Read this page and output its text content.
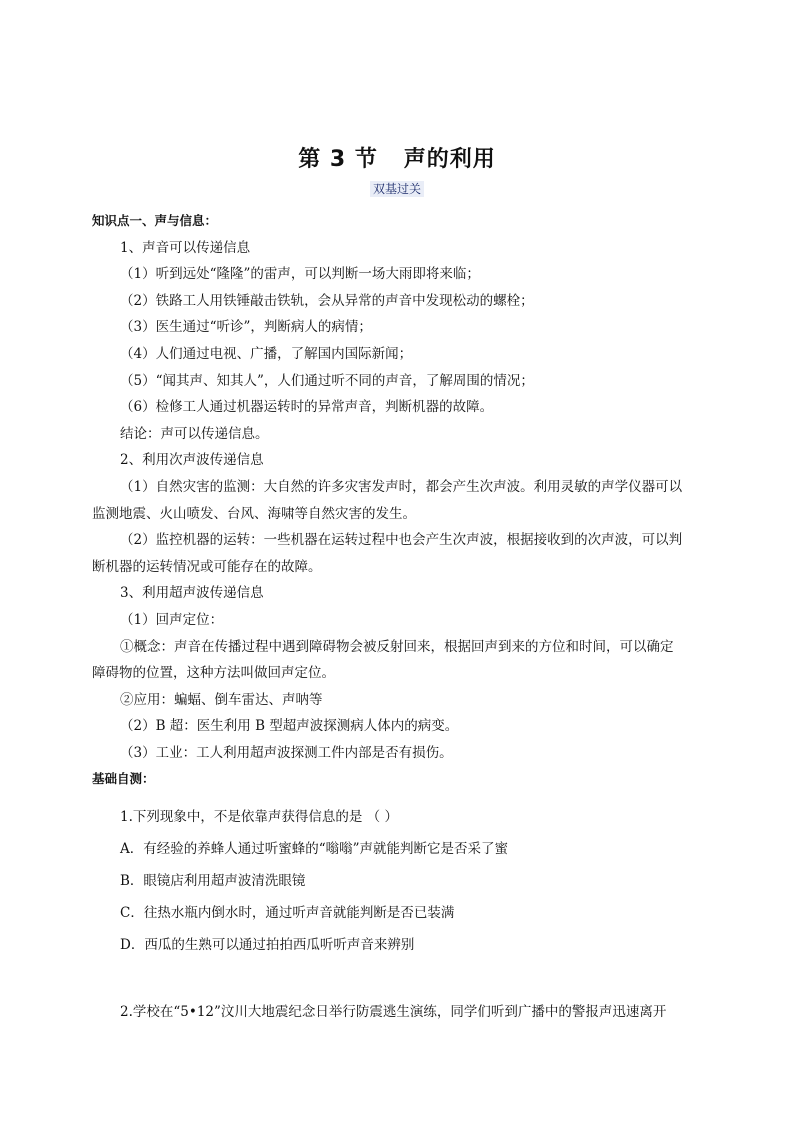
第 3 节   声的利用
双基过关

知识点一、声与信息：

1、声音可以传递信息

（1）听到远处“隆隆”的雷声，可以判断一场大雨即将来临；

（2）铁路工人用铁锤敲击铁轨，会从异常的声音中发现松动的螺栓；

（3）医生通过“听诊”，判断病人的病情；

（4）人们通过电视、广播，了解国内国际新闻；

（5）“闻其声、知其人”，人们通过听不同的声音，了解周围的情况；

（6）检修工人通过机器运转时的异常声音，判断机器的故障。

结论：声可以传递信息。

2、利用次声波传递信息

（1）自然灾害的监测：大自然的许多灾害发声时，都会产生次声波。利用灵敏的声学仪器可以

监测地震、火山喷发、台风、海啸等自然灾害的发生。

（2）监控机器的运转：一些机器在运转过程中也会产生次声波，根据接收到的次声波，可以判

断机器的运转情况或可能存在的故障。

3、利用超声波传递信息

（1）回声定位：

①概念：声音在传播过程中遇到障碍物会被反射回来，根据回声到来的方位和时间，可以确定

障碍物的位置，这种方法叫做回声定位。

②应用：蝙蝠、倒车雷达、声呐等

（2）B 超：医生利用 B 型超声波探测病人体内的病变。

（3）工业：工人利用超声波探测工件内部是否有损伤。

基础自测：

1.下列现象中，不是依靠声获得信息的是 （ ）

A．有经验的养蜂人通过听蜜蜂的“嗡嗡”声就能判断它是否采了蜜

B．眼镜店利用超声波清洗眼镜

C．往热水瓶内倒水时，通过听声音就能判断是否已装满

D．西瓜的生熟可以通过拍拍西瓜听听声音来辨别

2.学校在“5•12”汶川大地震纪念日举行防震逃生演练，同学们听到广播中的警报声迅速离开
